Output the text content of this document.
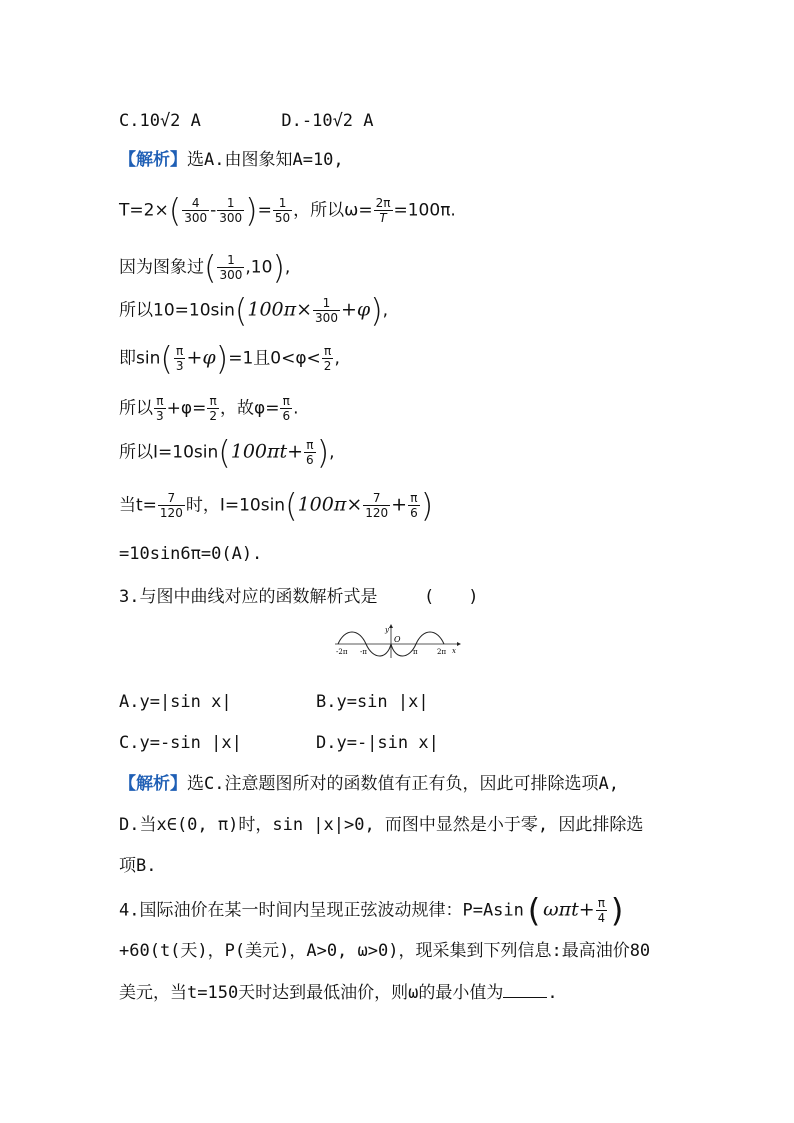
C.10√2 A	D.-10√2 A
【解析】选A.由图象知A=10,
$T=2\times( \frac{4}{300} - \frac{1}{300}$ )= $\frac{1}{50}$ ，所以$\omega= \frac{2\pi}{T} =100\pi$.
因为图象过( $\frac{1}{300} ,10$),
所以$10=10\sin(100\pi\times \frac{1}{300} +\varphi)$,
即$\sin( \frac{\pi}{3} +\varphi)=1$且$0<\varphi< \frac{\pi}{2}$ ,
所以 $\frac{\pi}{3} +\varphi= \frac{\pi}{2}$ ，故$\varphi= \frac{\pi}{6}$ .
所以$I=10\sin(100\pi t+ \frac{\pi}{6}$ ),
当$t= \frac{7}{120}$ 时，$I=10\sin(100\pi\times \frac{7}{120} + \frac{\pi}{6}$ )
=10sin6π=0(A).
3.与图中曲线对应的函数解析式是	(　　)
y
O
-2π -π	π	2π x
A.y=|sin x|	B.y=sin |x|
C.y=-sin |x|	D.y=-|sin x|
【解析】选C.注意题图所对的函数值有正有负，因此可排除选项A,
D.当x∈(0, π)时，sin |x|>0, 而图中显然是小于零, 因此排除选
项B.
4.国际油价在某一时间内呈现正弦波动规律：$P=Asin(\omega\pi t+ \frac{\pi}{4}$ )
+60(t(天)，P(美元)，A>0, ω>0)，现采集到下列信息:最高油价80
美元，当t=150天时达到最低油价，则ω的最小值为	.
